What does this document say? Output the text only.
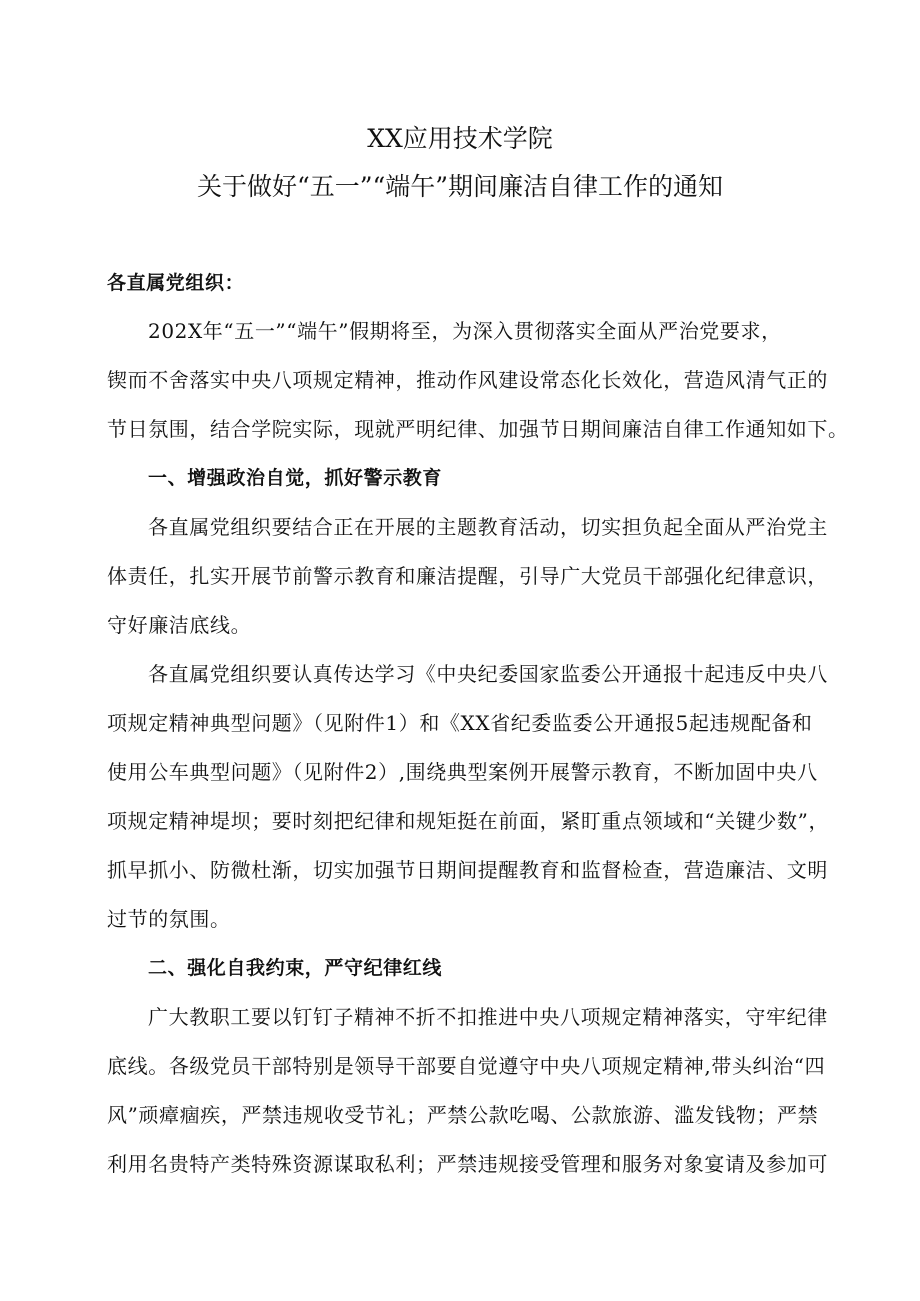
XX应用技术学院
关于做好“五一”“端午”期间廉洁自律工作的通知
各直属党组织：
202X年“五一”“端午”假期将至，为深入贯彻落实全面从严治党要求，
锲而不舍落实中央八项规定精神，推动作风建设常态化长效化，营造风清气正的
节日氛围，结合学院实际，现就严明纪律、加强节日期间廉洁自律工作通知如下。
一、增强政治自觉，抓好警示教育
各直属党组织要结合正在开展的主题教育活动，切实担负起全面从严治党主
体责任，扎实开展节前警示教育和廉洁提醒，引导广大党员干部强化纪律意识，
守好廉洁底线。
各直属党组织要认真传达学习《中央纪委国家监委公开通报十起违反中央八
项规定精神典型问题》（见附件1）和《XX省纪委监委公开通报5起违规配备和
使用公车典型问题》（见附件2）,围绕典型案例开展警示教育，不断加固中央八
项规定精神堤坝；要时刻把纪律和规矩挺在前面，紧盯重点领域和“关键少数”，
抓早抓小、防微杜渐，切实加强节日期间提醒教育和监督检查，营造廉洁、文明
过节的氛围。
二、强化自我约束，严守纪律红线
广大教职工要以钉钉子精神不折不扣推进中央八项规定精神落实，守牢纪律
底线。各级党员干部特别是领导干部要自觉遵守中央八项规定精神,带头纠治“四
风”顽瘴痼疾，严禁违规收受节礼；严禁公款吃喝、公款旅游、滥发钱物；严禁
利用名贵特产类特殊资源谋取私利；严禁违规接受管理和服务对象宴请及参加可
